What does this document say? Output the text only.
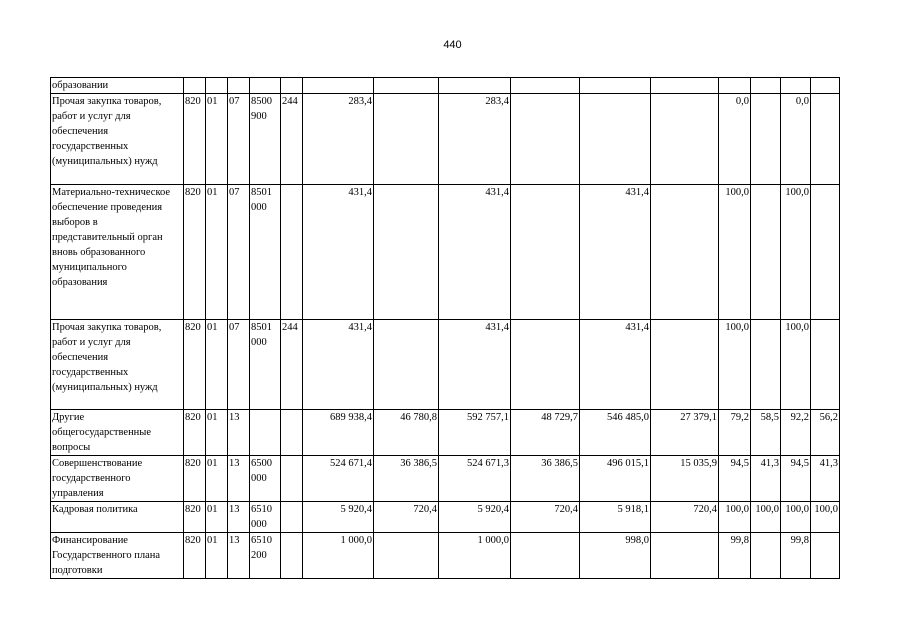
440
образовании															
Прочая закупка товаров, работ и услуг для обеспечения государственных (муниципальных) нужд	820	01	07	8500 900	244	283,4		283,4				0,0		0,0	
Материально-техническое обеспечение проведения выборов в представительный орган вновь образованного муниципального образования	820	01	07	8501 000		431,4		431,4		431,4		100,0		100,0	
Прочая закупка товаров, работ и услуг для обеспечения государственных (муниципальных) нужд	820	01	07	8501 000	244	431,4		431,4		431,4		100,0		100,0	
Другие общегосударственные вопросы	820	01	13			689 938,4	46 780,8	592 757,1	48 729,7	546 485,0	27 379,1	79,2	58,5	92,2	56,2
Совершенствование государственного управления	820	01	13	6500 000		524 671,4	36 386,5	524 671,3	36 386,5	496 015,1	15 035,9	94,5	41,3	94,5	41,3
Кадровая политика	820	01	13	6510 000		5 920,4	720,4	5 920,4	720,4	5 918,1	720,4	100,0	100,0	100,0	100,0
Финансирование Государственного плана подготовки	820	01	13	6510 200		1 000,0		1 000,0		998,0		99,8		99,8	
